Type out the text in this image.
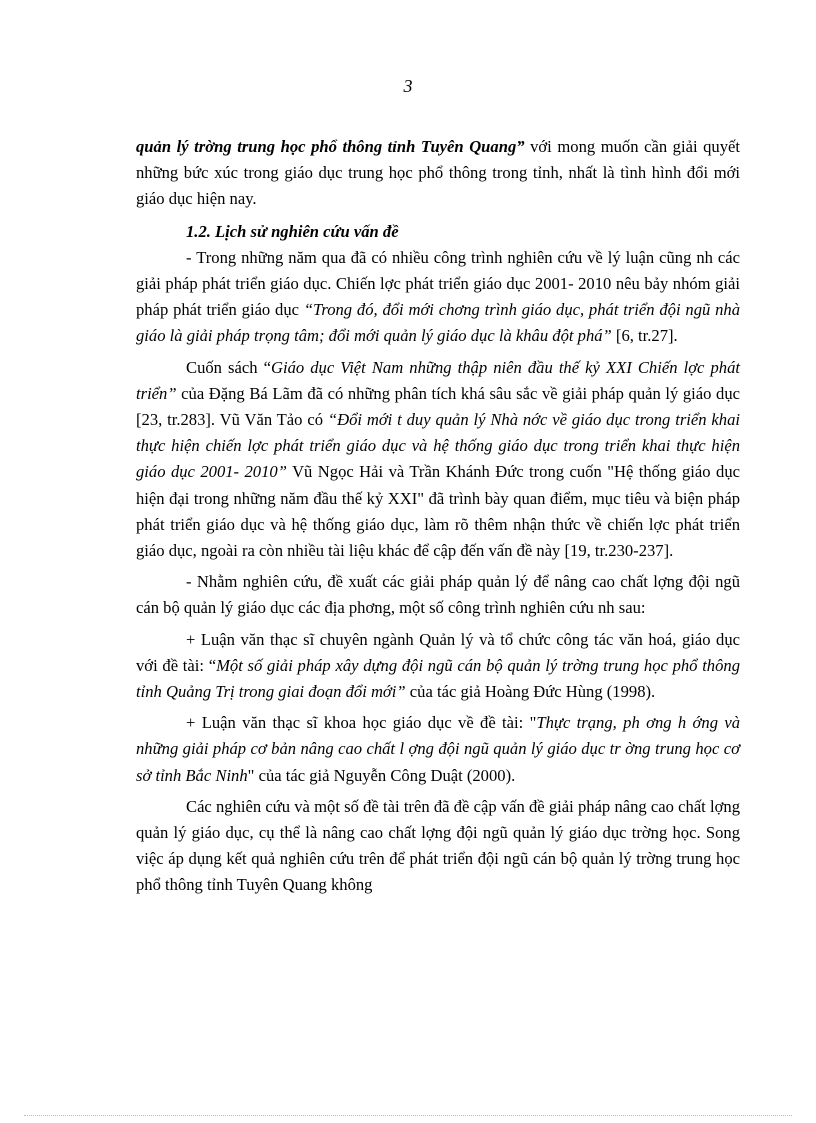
3

quản lý trờng trung học phổ thông tỉnh Tuyên Quang” với mong muốn cần giải quyết những bức xúc trong giáo dục trung học phổ thông trong tỉnh, nhất là tình hình đổi mới giáo dục hiện nay.

1.2. Lịch sử nghiên cứu vấn đề

- Trong những năm qua đã có nhiều công trình nghiên cứu về lý luận cũng nh các giải pháp phát triển giáo dục. Chiến lợc phát triển giáo dục 2001- 2010 nêu bảy nhóm giải pháp phát triển giáo dục “Trong đó, đổi mới chơng trình giáo dục, phát triển đội ngũ nhà giáo là giải pháp trọng tâm; đổi mới quản lý giáo dục là khâu đột phá” [6, tr.27].

Cuốn sách “Giáo dục Việt Nam những thập niên đầu thế kỷ XXI Chiến lợc phát triển” của Đặng Bá Lãm đã có những phân tích khá sâu sắc về giải pháp quản lý giáo dục [23, tr.283]. Vũ Văn Tảo có “Đổi mới t duy quản lý Nhà nớc về giáo dục trong triển khai thực hiện chiến lợc phát triển giáo dục và hệ thống giáo dục trong triển khai thực hiện giáo dục 2001- 2010” Vũ Ngọc Hải và Trần Khánh Đức trong cuốn "Hệ thống giáo dục hiện đại trong những năm đầu thế kỷ XXI" đã trình bày quan điểm, mục tiêu và biện pháp phát triển giáo dục và hệ thống giáo dục, làm rõ thêm nhận thức về chiến lợc phát triển giáo dục, ngoài ra còn nhiều tài liệu khác để cập đến vấn đề này [19, tr.230-237].

- Nhằm nghiên cứu, đề xuất các giải pháp quản lý để nâng cao chất lợng đội ngũ cán bộ quản lý giáo dục các địa phơng, một số công trình nghiên cứu nh sau:

+ Luận văn thạc sĩ chuyên ngành Quản lý và tổ chức công tác văn hoá, giáo dục với đề tài: “Một số giải pháp xây dựng đội ngũ cán bộ quản lý trờng trung học phổ thông tỉnh Quảng Trị trong giai đoạn đổi mới” của tác giả Hoàng Đức Hùng (1998).

+ Luận văn thạc sĩ khoa học giáo dục về đề tài: "Thực trạng, ph ơng h ớng và những giải pháp cơ bản nâng cao chất l ợng đội ngũ quản lý giáo dục tr ờng trung học cơ sở tỉnh Bắc Ninh" của tác giả Nguyễn Công Duật (2000).

Các nghiên cứu và một số đề tài trên đã đề cập vấn đề giải pháp nâng cao chất lợng quản lý giáo dục, cụ thể là nâng cao chất lợng đội ngũ quản lý giáo dục trờng học. Song việc áp dụng kết quả nghiên cứu trên để phát triển đội ngũ cán bộ quản lý trờng trung học phổ thông tỉnh Tuyên Quang không
